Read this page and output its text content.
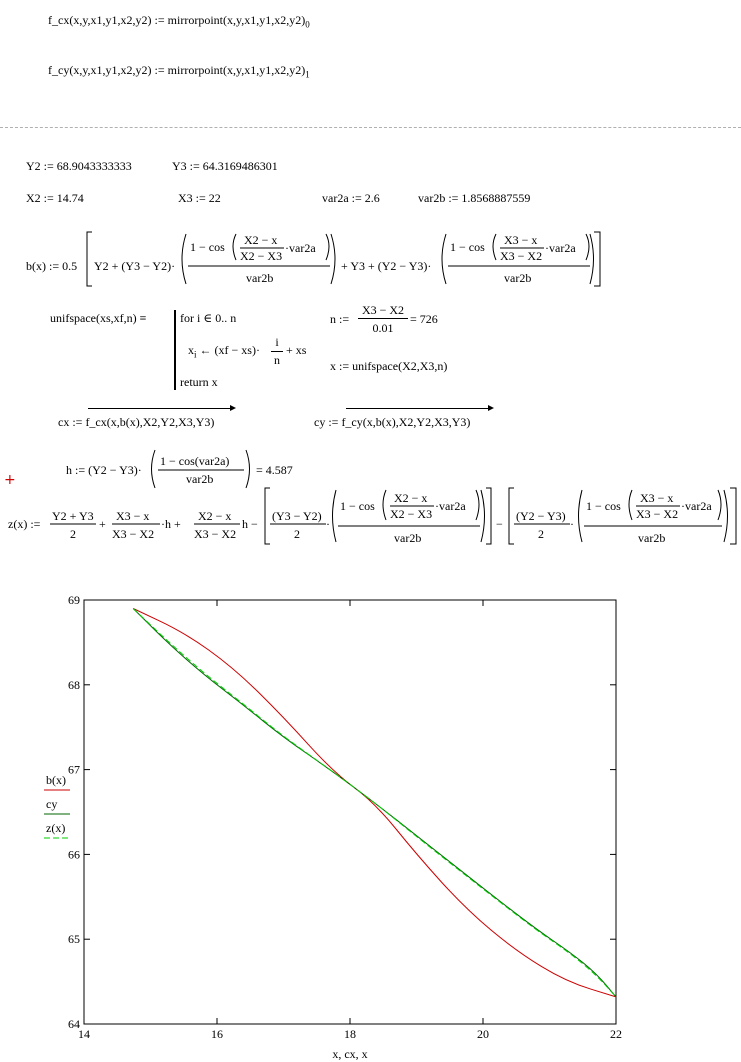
f_cx(x,y,x1,y1,x2,y2) := $mirrorpoint(x,y,x1,y1,x2,y2)_0$
f_cy(x,y,x1,y1,x2,y2) := $mirrorpoint(x,y,x1,y1,x2,y2)_1$
Y2 := 68.9043333333	Y3 := 64.3169486301
X2 := 14.74	X3 := 22	var2a := 2.6	var2b := 1.8568887559
b(x) := 0.5 Y2 + (Y3 − Y2)·
1 − cos X2 − x
X2 − X3
·var2a
var2b
+ Y3 + (Y2 − Y3)·
1 − cos X3 − x
X3 − X2
·var2a
var2b
unifspace(xs,xf,n) ≡	for i ∈ 0.. n
$x_i$ ← (xf − xs)·
i
n
+ xs
return x
n :=
X3 − X2
0.01
= 726
x := unifspace(X2,X3,n)
cx := f_cx(x,b(x),X2,Y2,X3,Y3)	cy := f_cy(x,b(x),X2,Y2,X3,Y3)
h := (Y2 − Y3)·
1 − cos(var2a)
var2b
= 4.587
+
z(x) :=
Y2 + Y3
2
+
X3 − x
X3 − X2
·h +
X2 − x
X3 − X2
h −
(Y3 − Y2)
2
·
1 − cos
X2 − x
X2 − X3
·var2a
var2b
−
(Y2 − Y3)
2
·
1 − cos
X3 − x
X3 − X2
·var2a
var2b
14	16	18	20	22
64
65
66
67
68
69
x, cx, x
b(x)
cy
z(x)
